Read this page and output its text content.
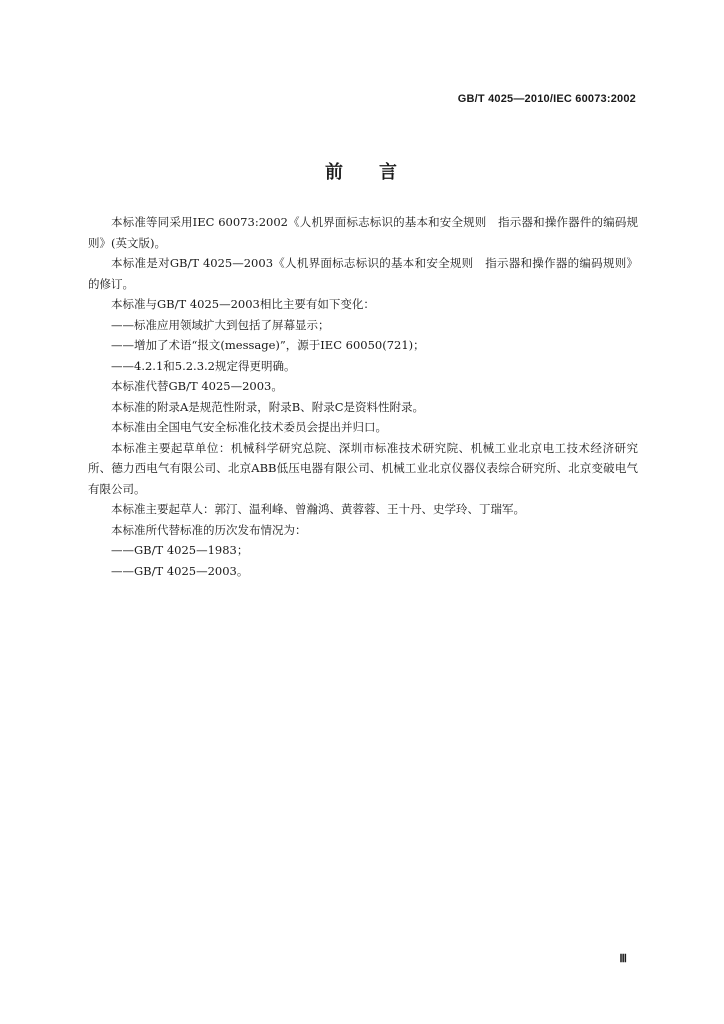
GB/T 4025—2010/IEC 60073:2002
前 言

本标准等同采用IEC 60073:2002《人机界面标志标识的基本和安全规则　指示器和操作器件的编码规则》(英文版)。

本标准是对GB/T 4025—2003《人机界面标志标识的基本和安全规则　指示器和操作器的编码规则》的修订。

本标准与GB/T 4025—2003相比主要有如下变化：

——标准应用领域扩大到包括了屏幕显示；

——增加了术语“报文(message)”，源于IEC 60050(721)；

——4.2.1和5.2.3.2规定得更明确。

本标准代替GB/T 4025—2003。

本标准的附录A是规范性附录，附录B、附录C是资料性附录。

本标准由全国电气安全标准化技术委员会提出并归口。

本标准主要起草单位：机械科学研究总院、深圳市标准技术研究院、机械工业北京电工技术经济研究所、德力西电气有限公司、北京ABB低压电器有限公司、机械工业北京仪器仪表综合研究所、北京变破电气有限公司。

本标准主要起草人：郭汀、温利峰、曾瀚鸿、黄蓉蓉、王十丹、史学玲、丁瑞军。

本标准所代替标准的历次发布情况为：

——GB/T 4025—1983；

——GB/T 4025—2003。

Ⅲ
